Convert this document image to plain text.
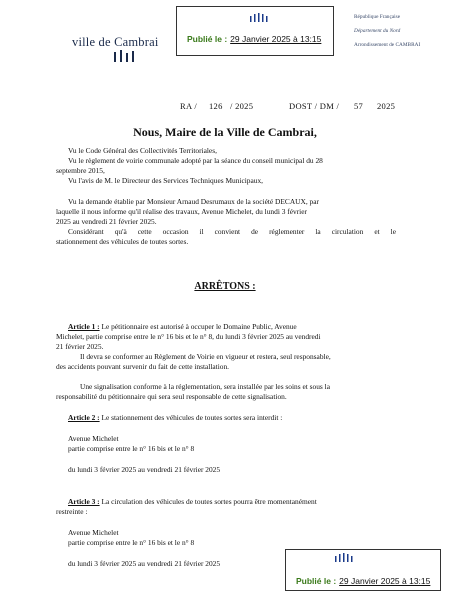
ville de Cambrai	Publié le : 29 Janvier 2025 à 13:15
République Française
Département du Nord
Arrondissement de CAMBRAI
RA / 126 / 2025	DOST / DM / 57 2025
Nous, Maire de la Ville de Cambrai,
Vu le Code Général des Collectivités Territoriales,
Vu le règlement de voirie communale adopté par la séance du conseil municipal du 28
septembre 2015,
Vu l'avis de M. le Directeur des Services Techniques Municipaux,
Vu la demande établie par Monsieur Arnaud Desrumaux de la société DECAUX, par
laquelle il nous informe qu'il réalise des travaux, Avenue Michelet, du lundi 3 février
2025 au vendredi 21 février 2025.
Considérant qu'à cette occasion il convient de réglementer la circulation et le
stationnement des véhicules de toutes sortes.
ARRÊTONS :
Article 1 : Le pétitionnaire est autorisé à occuper le Domaine Public, Avenue
Michelet, partie comprise entre le n° 16 bis et le n° 8, du lundi 3 février 2025 au vendredi
21 février 2025.
Il devra se conformer au Règlement de Voirie en vigueur et restera, seul responsable,
des accidents pouvant survenir du fait de cette installation.
Une signalisation conforme à la réglementation, sera installée par les soins et sous la
responsabilité du pétitionnaire qui sera seul responsable de cette signalisation.
Article 2 : Le stationnement des véhicules de toutes sortes sera interdit :
Avenue Michelet
partie comprise entre le n° 16 bis et le n° 8
du lundi 3 février 2025 au vendredi 21 février 2025
Article 3 : La circulation des véhicules de toutes sortes pourra être momentanément
restreinte :
Avenue Michelet
partie comprise entre le n° 16 bis et le n° 8
du lundi 3 février 2025 au vendredi 21 février 2025
Publié le : 29 Janvier 2025 à 13:15
